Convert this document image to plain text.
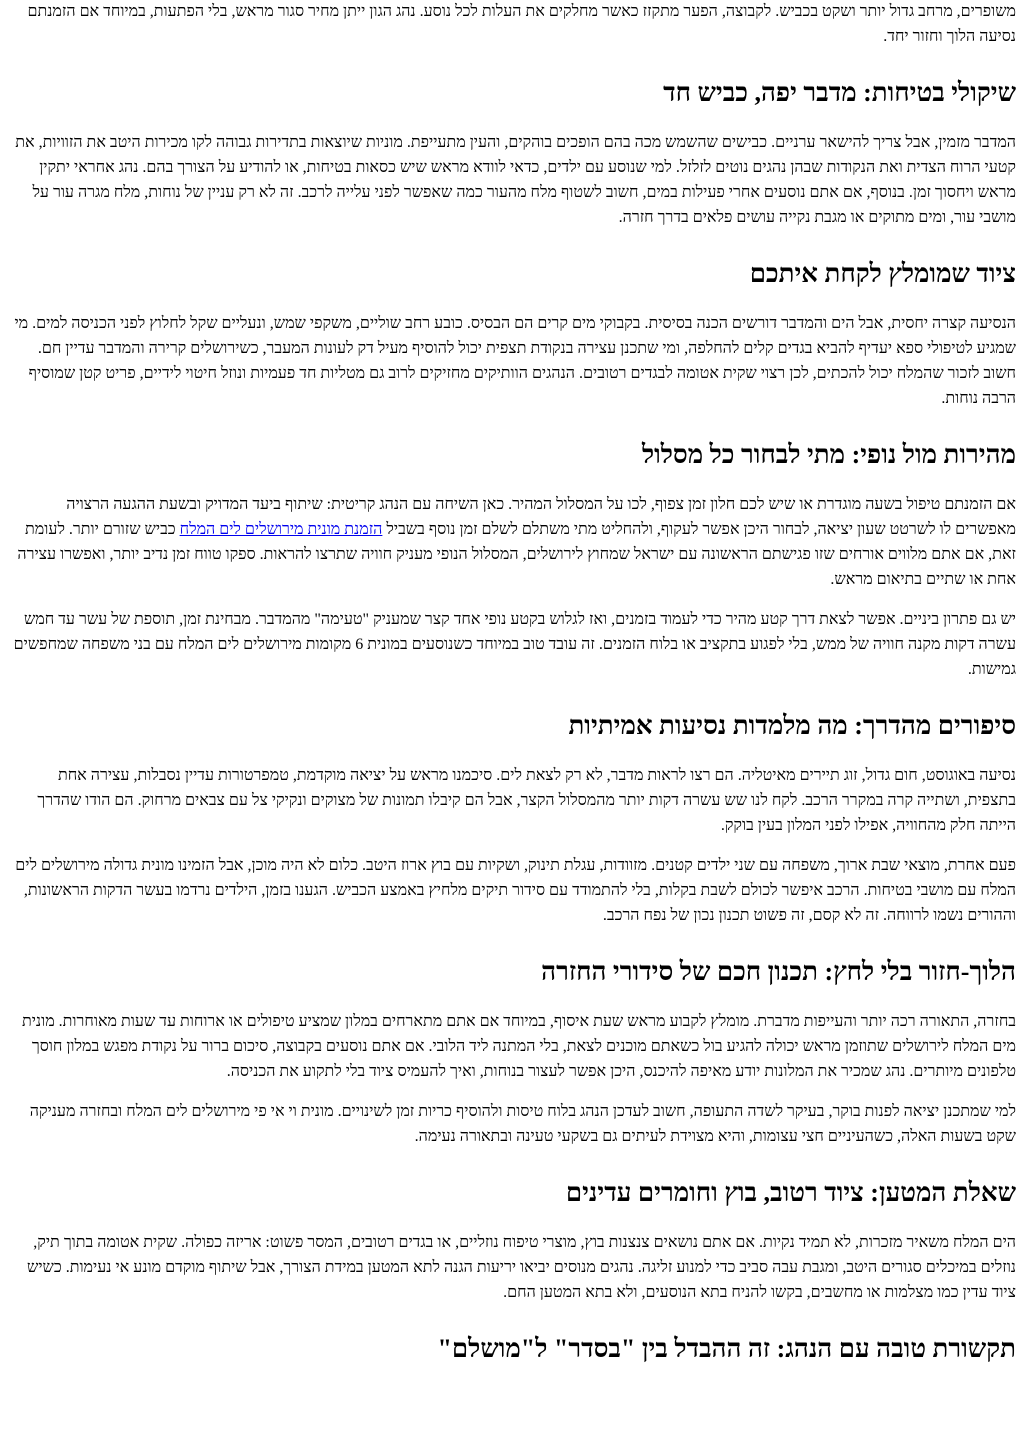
משופרים, מרחב גדול יותר ושקט בכביש. לקבוצה, הפער מתקזז כאשר מחלקים את העלות לכל נוסע. נהג הגון ייתן מחיר סגור מראש, בלי הפתעות, במיוחד אם הזמנתם נסיעה הלוך וחזור יחד.

שיקולי בטיחות: מדבר יפה, כביש חד

המדבר מזמין, אבל צריך להישאר ערניים. כבישים שהשמש מכה בהם הופכים בוהקים, והעין מתעייפת. מוניות שיוצאות בתדירות גבוהה לקו מכירות היטב את הזוויות, את קטעי הרוח הצדית ואת הנקודות שבהן נהגים נוטים לזלזל. למי שנוסע עם ילדים, כדאי לוודא מראש שיש כסאות בטיחות, או להודיע על הצורך בהם. נהג אחראי יתקין מראש ויחסוך זמן. בנוסף, אם אתם נוסעים אחרי פעילות במים, חשוב לשטוף מלח מהעור כמה שאפשר לפני עלייה לרכב. זה לא רק עניין של נוחות, מלח מגרה עור על מושבי עור, ומים מתוקים או מגבת נקייה עושים פלאים בדרך חזרה.

ציוד שמומלץ לקחת איתכם

הנסיעה קצרה יחסית, אבל הים והמדבר דורשים הכנה בסיסית. בקבוקי מים קרים הם הבסיס. כובע רחב שוליים, משקפי שמש, ונעליים שקל לחלוץ לפני הכניסה למים. מי שמגיע לטיפולי ספא יעדיף להביא בגדים קלים להחלפה, ומי שתכנן עצירה בנקודת תצפית יכול להוסיף מעיל דק לעונות המעבר, כשירושלים קרירה והמדבר עדיין חם. חשוב לזכור שהמלח יכול להכתים, לכן רצוי שקית אטומה לבגדים רטובים. הנהגים הוותיקים מחזיקים לרוב גם מטליות חד פעמיות ונוזל חיטוי לידיים, פריט קטן שמוסיף הרבה נוחות.

מהירות מול נופי: מתי לבחור כל מסלול

אם הזמנתם טיפול בשעה מוגדרת או שיש לכם חלון זמן צפוף, לכו על המסלול המהיר. כאן השיחה עם הנהג קריטית: שיתוף ביעד המדויק ובשעת ההגעה הרצויה מאפשרים לו לשרטט שעון יציאה, לבחור היכן אפשר לעקוף, ולהחליט מתי משתלם לשלם זמן נוסף בשביל הזמנת מונית מירושלים לים המלח כביש שזורם יותר. לעומת זאת, אם אתם מלווים אורחים שזו פגישתם הראשונה עם ישראל שמחוץ לירושלים, המסלול הנופי מעניק חוויה שתרצו להראות. ספקו טווח זמן נדיב יותר, ואפשרו עצירה אחת או שתיים בתיאום מראש.

יש גם פתרון ביניים. אפשר לצאת דרך קטע מהיר כדי לעמוד בזמנים, ואז לגלוש בקטע נופי אחד קצר שמעניק "טעימה" מהמדבר. מבחינת זמן, תוספת של עשר עד חמש עשרה דקות מקנה חוויה של ממש, בלי לפגוע בתקציב או בלוח הזמנים. זה עובד טוב במיוחד כשנוסעים במונית 6 מקומות מירושלים לים המלח עם בני משפחה שמחפשים גמישות.

סיפורים מהדרך: מה מלמדות נסיעות אמיתיות

נסיעה באוגוסט, חום גדול, זוג תיירים מאיטליה. הם רצו לראות מדבר, לא רק לצאת לים. סיכמנו מראש על יציאה מוקדמת, טמפרטורות עדיין נסבלות, עצירה אחת בתצפית, ושתייה קרה במקרר הרכב. לקח לנו שש עשרה דקות יותר מהמסלול הקצר, אבל הם קיבלו תמונות של מצוקים ונקיקי צל עם צבאים מרחוק. הם הודו שהדרך הייתה חלק מהחוויה, אפילו לפני המלון בעין בוקק.

פעם אחרת, מוצאי שבת ארוך, משפחה עם שני ילדים קטנים. מזוודות, עגלת תינוק, ושקיות עם בוץ ארוז היטב. כלום לא היה מוכן, אבל הזמינו מונית גדולה מירושלים לים המלח עם מושבי בטיחות. הרכב איפשר לכולם לשבת בקלות, בלי להתמודד עם סידור תיקים מלחיץ באמצע הכביש. הגענו בזמן, הילדים נרדמו בעשר הדקות הראשונות, וההורים נשמו לרווחה. זה לא קסם, זה פשוט תכנון נכון של נפח הרכב.

הלוך-חזור בלי לחץ: תכנון חכם של סידורי החזרה

בחזרה, התאורה רכה יותר והעייפות מדברת. מומלץ לקבוע מראש שעת איסוף, במיוחד אם אתם מתארחים במלון שמציע טיפולים או ארוחות עד שעות מאוחרות. מונית מים המלח לירושלים שתוזמן מראש יכולה להגיע בול כשאתם מוכנים לצאת, בלי המתנה ליד הלובי. אם אתם נוסעים בקבוצה, סיכום ברור על נקודת מפגש במלון חוסך טלפונים מיותרים. נהג שמכיר את המלונות יודע מאיפה להיכנס, היכן אפשר לעצור בנוחות, ואיך להעמיס ציוד בלי לתקוע את הכניסה.

למי שמתכנן יציאה לפנות בוקר, בעיקר לשדה התעופה, חשוב לעדכן הנהג בלוח טיסות ולהוסיף כריות זמן לשינויים. מונית וי אי פי מירושלים לים המלח ובחזרה מעניקה שקט בשעות האלה, כשהעיניים חצי עצומות, והיא מצוידת לעיתים גם בשקעי טעינה ובתאורה נעימה.

שאלת המטען: ציוד רטוב, בוץ וחומרים עדינים

הים המלח משאיר מזכרות, לא תמיד נקיות. אם אתם נושאים צנצנות בוץ, מוצרי טיפוח נוזליים, או בגדים רטובים, המסר פשוט: אריזה כפולה. שקית אטומה בתוך תיק, נוזלים במיכלים סגורים היטב, ומגבת עבה סביב כדי למנוע זליגה. נהגים מנוסים יביאו יריעות הגנה לתא המטען במידת הצורך, אבל שיתוף מוקדם מונע אי נעימות. כשיש ציוד עדין כמו מצלמות או מחשבים, בקשו להניח בתא הנוסעים, ולא בתא המטען החם.

תקשורת טובה עם הנהג: זה ההבדל בין "בסדר" ל"מושלם"
